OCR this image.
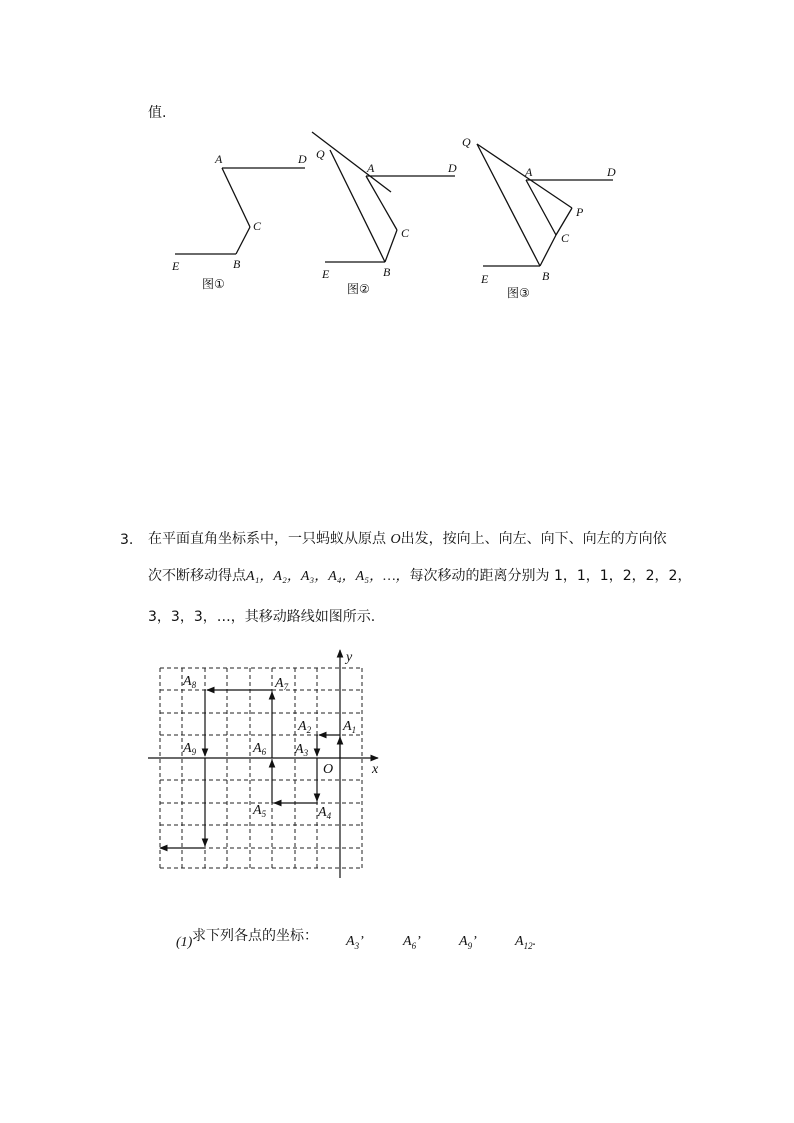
值.
A	D
C
E	B
图①
Q
A	D
C
E	B
图②
Q
A	D
P
C
E	B
图③
3. 在平面直角坐标系中，一只蚂蚁从原点 O出发，按向上、向左、向下、向左的方向依
次不断移动得点A₁，A₂，A₃，A₄，A₅，…，每次移动的距离分别为 1，1，1，2，2，2，
3，3，3，…，其移动路线如图所示.
x
y
O
$A_1$
$A_2$
$A_3$
$A_4$
$A_5$
$A_6$
$A_7$
$A_8$
$A_9$
(1) 求下列各点的坐标： $A_3$’	$A_6$’	$A_9$’	$A_{12}$.
